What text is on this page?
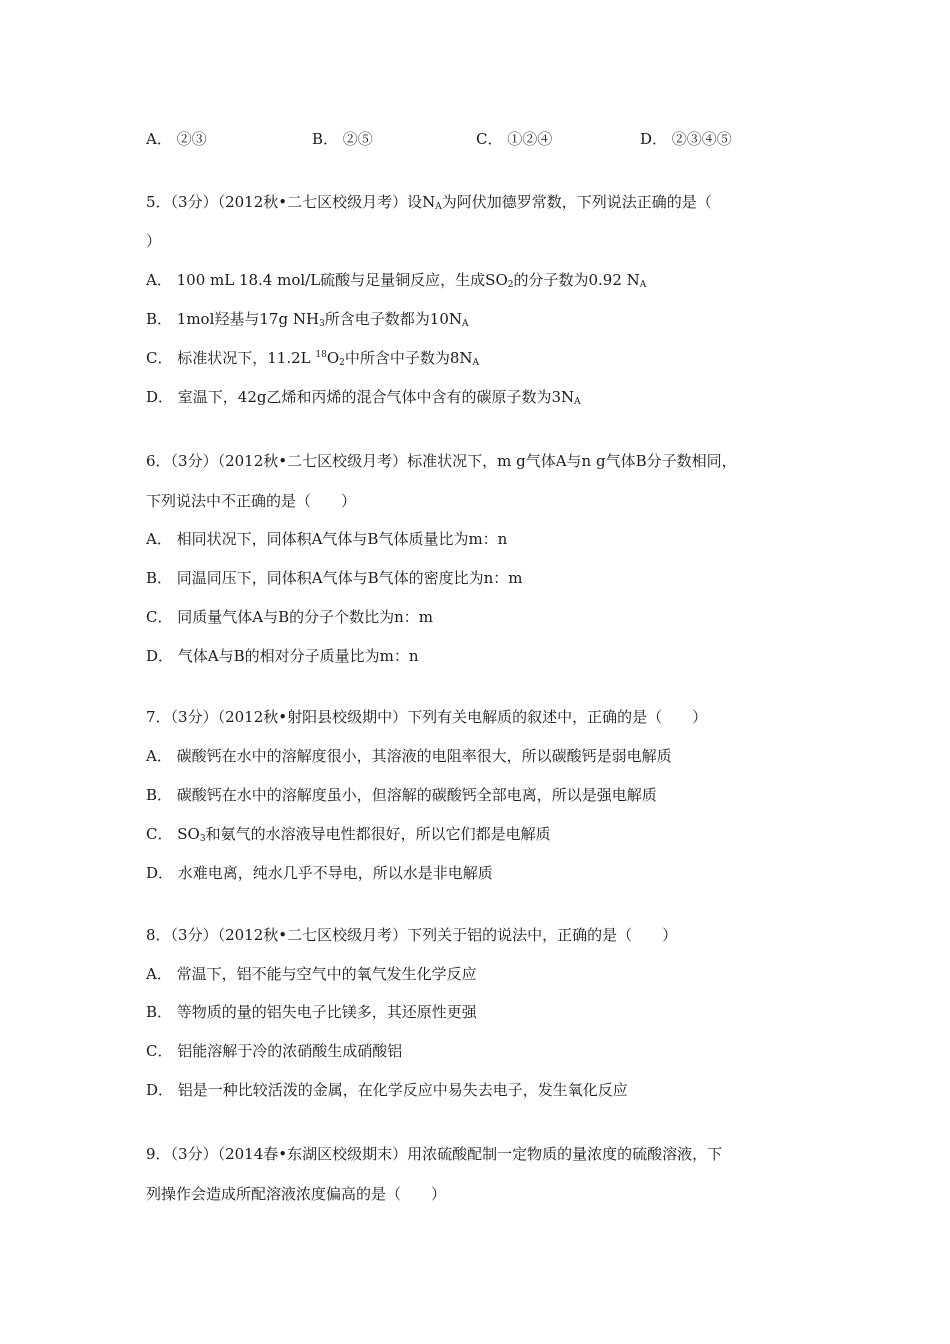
A． ②③	B． ②⑤	C． ①②④	D． ②③④⑤
5．（3分）（2012秋•二七区校级月考）设$N_A$为阿伏加德罗常数，下列说法正确的是（
）
A． 100 mL 18.4 mol/L硫酸与足量铜反应，生成$SO_2$的分子数为0.92 $N_A$
B． 1mol羟基与17g $NH_3$所含电子数都为$10N_A$
C． 标准状况下，11.2L $^{18}O_2$中所含中子数为$8N_A$
D． 室温下，42g乙烯和丙烯的混合气体中含有的碳原子数为$3N_A$
6．（3分）（2012秋•二七区校级月考）标准状况下，m g气体A与n g气体B分子数相同，
下列说法中不正确的是（　　）
A． 相同状况下，同体积A气体与B气体质量比为m：n
B． 同温同压下，同体积A气体与B气体的密度比为n：m
C． 同质量气体A与B的分子个数比为n：m
D． 气体A与B的相对分子质量比为m：n
7．（3分）（2012秋•射阳县校级期中）下列有关电解质的叙述中，正确的是（　　）
A． 碳酸钙在水中的溶解度很小，其溶液的电阻率很大，所以碳酸钙是弱电解质
B． 碳酸钙在水中的溶解度虽小，但溶解的碳酸钙全部电离，所以是强电解质
C． $SO_3$和氨气的水溶液导电性都很好，所以它们都是电解质
D． 水难电离，纯水几乎不导电，所以水是非电解质
8．（3分）（2012秋•二七区校级月考）下列关于铝的说法中，正确的是（　　）
A． 常温下，铝不能与空气中的氧气发生化学反应
B． 等物质的量的铝失电子比镁多，其还原性更强
C． 铝能溶解于冷的浓硝酸生成硝酸铝
D． 铝是一种比较活泼的金属，在化学反应中易失去电子，发生氧化反应
9．（3分）（2014春•东湖区校级期末）用浓硫酸配制一定物质的量浓度的硫酸溶液，下
列操作会造成所配溶液浓度偏高的是（　　）
